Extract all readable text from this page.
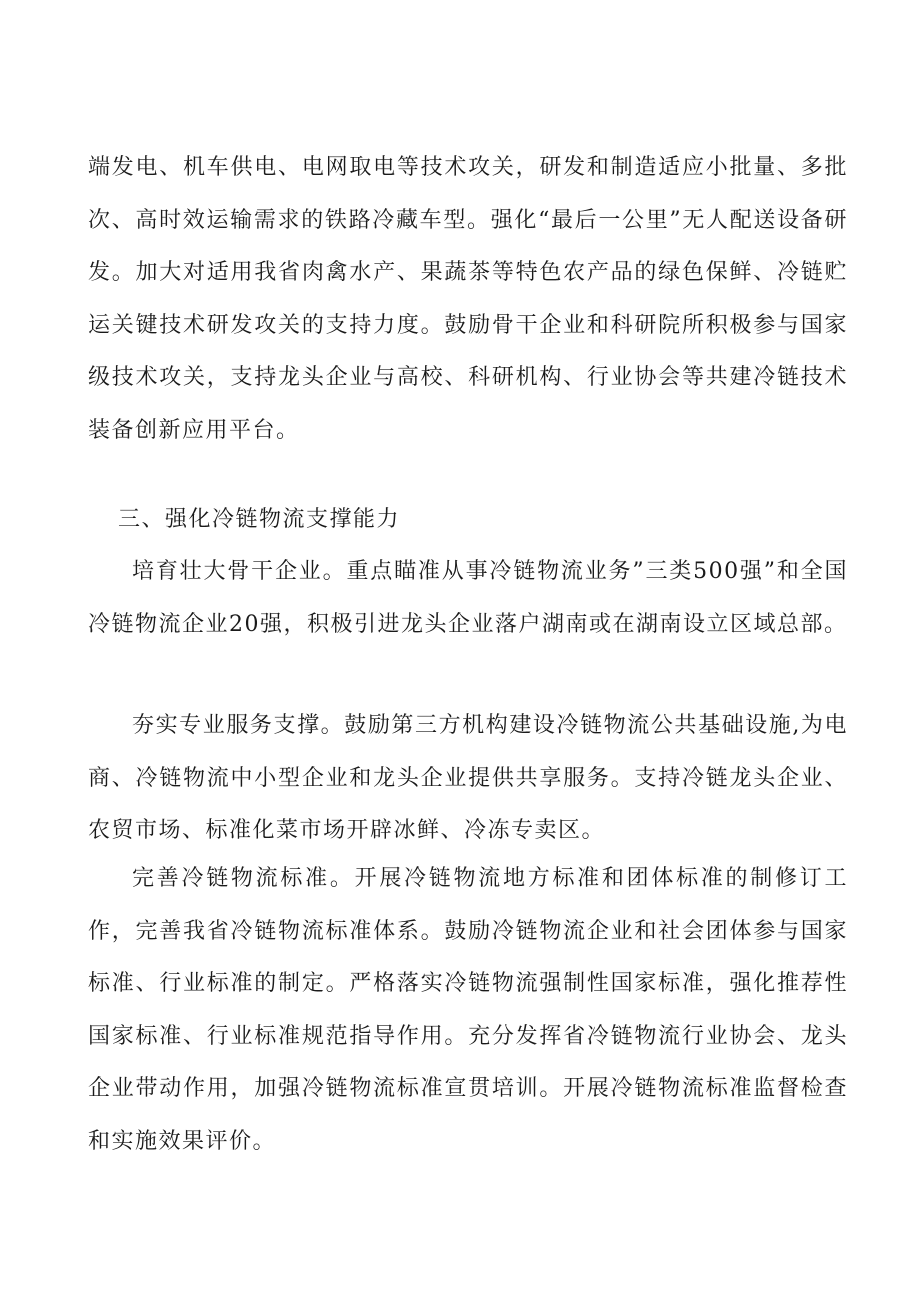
端发电、机车供电、电网取电等技术攻关，研发和制造适应小批量、多批次、高时效运输需求的铁路冷藏车型。强化“最后一公里”无人配送设备研发。加大对适用我省肉禽水产、果蔬茶等特色农产品的绿色保鲜、冷链贮运关键技术研发攻关的支持力度。鼓励骨干企业和科研院所积极参与国家级技术攻关，支持龙头企业与高校、科研机构、行业协会等共建冷链技术装备创新应用平台。

三、强化冷链物流支撑能力

培育壮大骨干企业。重点瞄准从事冷链物流业务”三类500强”和全国冷链物流企业20强，积极引进龙头企业落户湖南或在湖南设立区域总部。

夯实专业服务支撑。鼓励第三方机构建设冷链物流公共基础设施,为电商、冷链物流中小型企业和龙头企业提供共享服务。支持冷链龙头企业、农贸市场、标准化菜市场开辟冰鲜、冷冻专卖区。

完善冷链物流标准。开展冷链物流地方标准和团体标准的制修订工作，完善我省冷链物流标准体系。鼓励冷链物流企业和社会团体参与国家标准、行业标准的制定。严格落实冷链物流强制性国家标准，强化推荐性国家标准、行业标准规范指导作用。充分发挥省冷链物流行业协会、龙头企业带动作用，加强冷链物流标准宣贯培训。开展冷链物流标准监督检查和实施效果评价。
